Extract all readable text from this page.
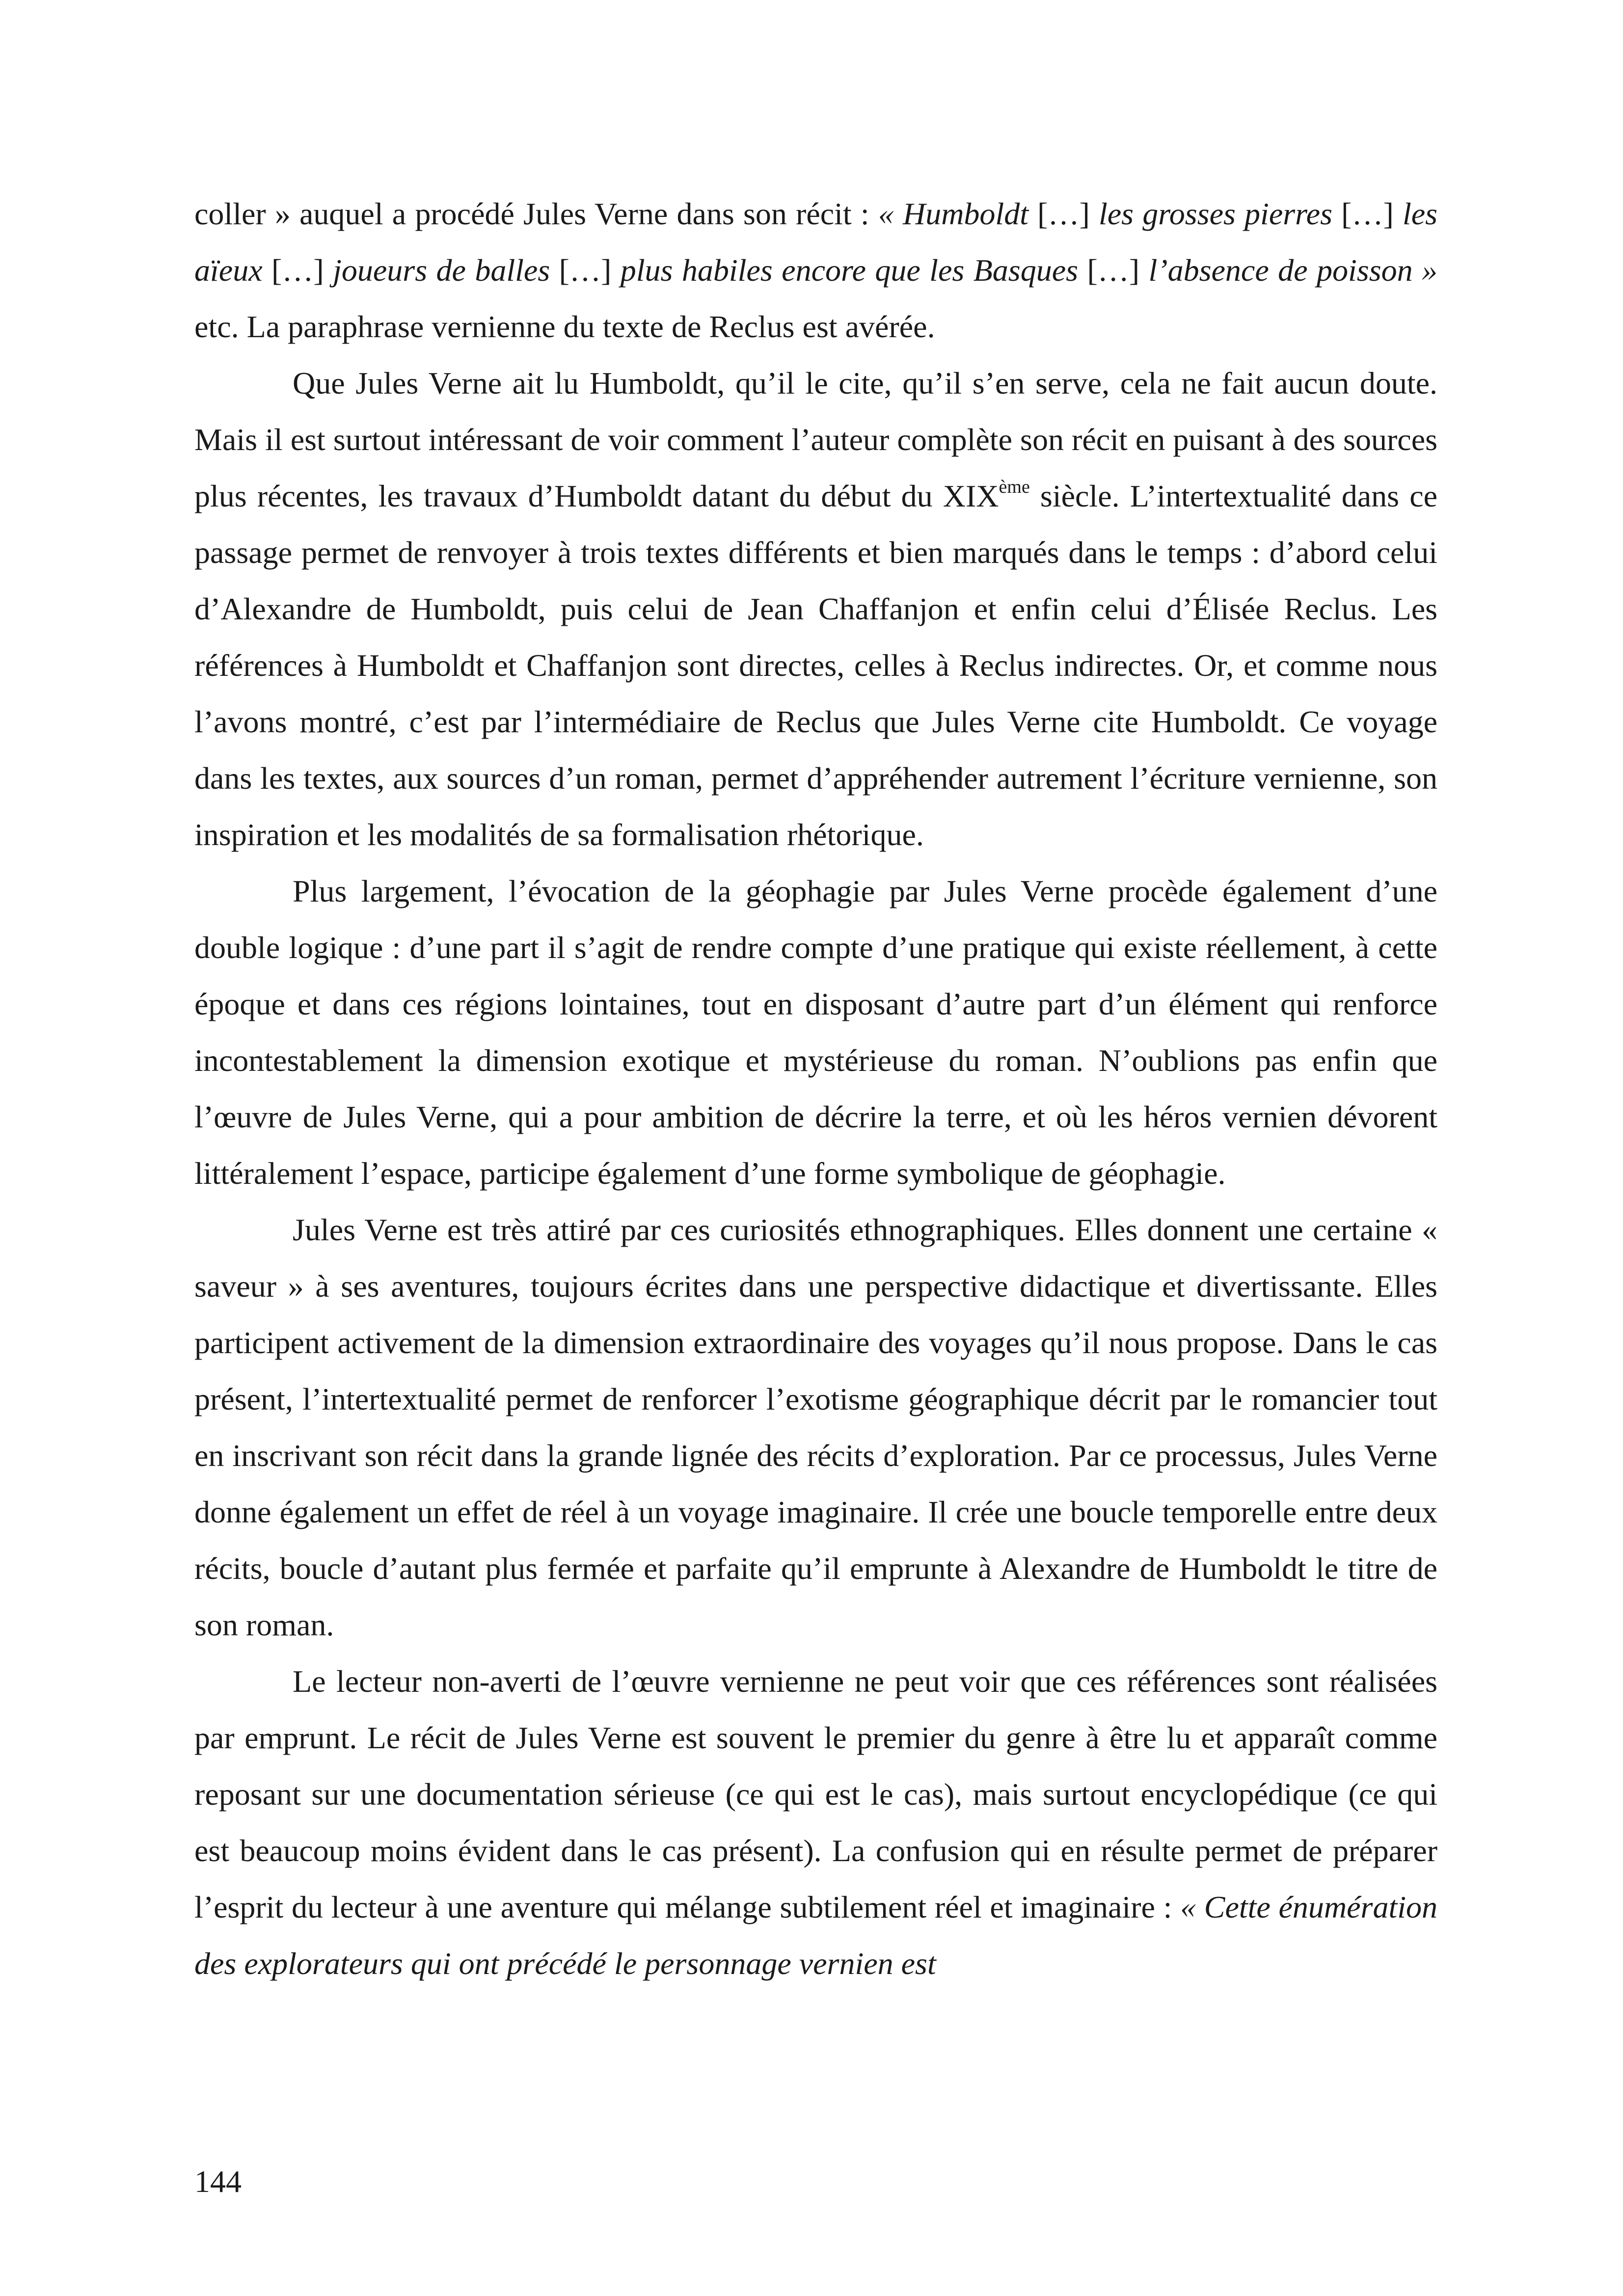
coller » auquel a procédé Jules Verne dans son récit : « Humboldt […] les grosses pierres […] les aïeux […] joueurs de balles […] plus habiles encore que les Basques […] l’absence de poisson » etc. La paraphrase vernienne du texte de Reclus est avérée.

Que Jules Verne ait lu Humboldt, qu’il le cite, qu’il s’en serve, cela ne fait aucun doute. Mais il est surtout intéressant de voir comment l’auteur complète son récit en puisant à des sources plus récentes, les travaux d’Humboldt datant du début du XIXème siècle. L’intertextualité dans ce passage permet de renvoyer à trois textes différents et bien marqués dans le temps : d’abord celui d’Alexandre de Humboldt, puis celui de Jean Chaffanjon et enfin celui d’Élisée Reclus. Les références à Humboldt et Chaffanjon sont directes, celles à Reclus indirectes. Or, et comme nous l’avons montré, c’est par l’intermédiaire de Reclus que Jules Verne cite Humboldt. Ce voyage dans les textes, aux sources d’un roman, permet d’appréhender autrement l’écriture vernienne, son inspiration et les modalités de sa formalisation rhétorique.

Plus largement, l’évocation de la géophagie par Jules Verne procède également d’une double logique : d’une part il s’agit de rendre compte d’une pratique qui existe réellement, à cette époque et dans ces régions lointaines, tout en disposant d’autre part d’un élément qui renforce incontestablement la dimension exotique et mystérieuse du roman. N’oublions pas enfin que l’œuvre de Jules Verne, qui a pour ambition de décrire la terre, et où les héros vernien dévorent littéralement l’espace, participe également d’une forme symbolique de géophagie.

Jules Verne est très attiré par ces curiosités ethnographiques. Elles donnent une certaine « saveur » à ses aventures, toujours écrites dans une perspective didactique et divertissante. Elles participent activement de la dimension extraordinaire des voyages qu’il nous propose. Dans le cas présent, l’intertextualité permet de renforcer l’exotisme géographique décrit par le romancier tout en inscrivant son récit dans la grande lignée des récits d’exploration. Par ce processus, Jules Verne donne également un effet de réel à un voyage imaginaire. Il crée une boucle temporelle entre deux récits, boucle d’autant plus fermée et parfaite qu’il emprunte à Alexandre de Humboldt le titre de son roman.

Le lecteur non-averti de l’œuvre vernienne ne peut voir que ces références sont réalisées par emprunt. Le récit de Jules Verne est souvent le premier du genre à être lu et apparaît comme reposant sur une documentation sérieuse (ce qui est le cas), mais surtout encyclopédique (ce qui est beaucoup moins évident dans le cas présent). La confusion qui en résulte permet de préparer l’esprit du lecteur à une aventure qui mélange subtilement réel et imaginaire : « Cette énumération des explorateurs qui ont précédé le personnage vernien est

144
